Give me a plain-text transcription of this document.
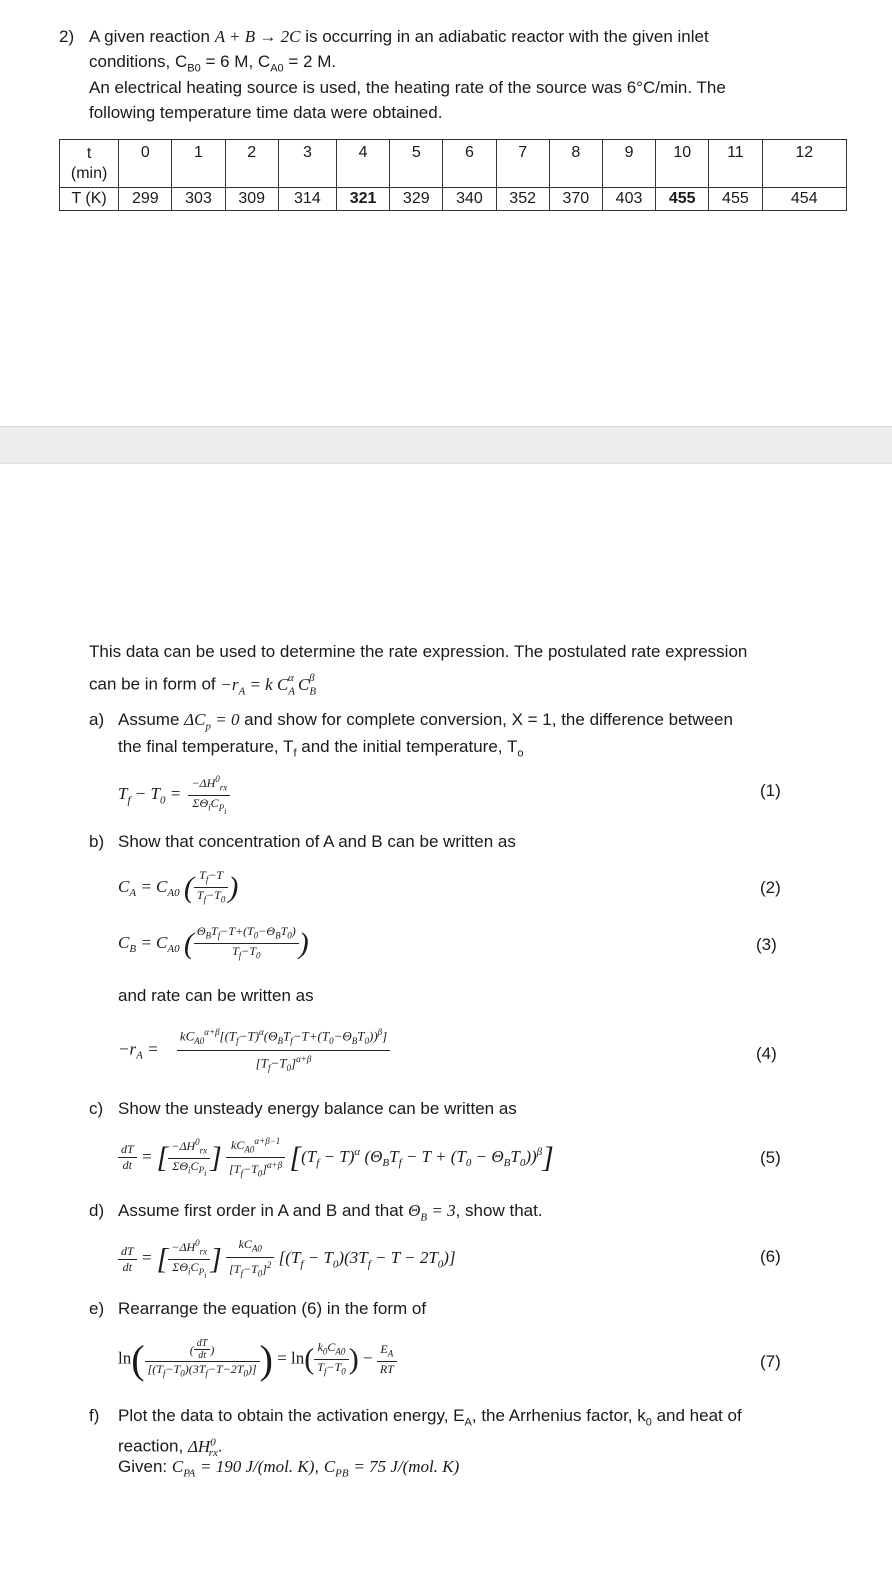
2) A given reaction A + B → 2C is occurring in an adiabatic reactor with the given inlet
conditions, $C_{B0} = 6$ M, $C_{A0} = 2$ M.
An electrical heating source is used, the heating rate of the source was 6°C/min. The
following temperature time data were obtained.
t
(min)	0	1	2	3	4	5	6	7	8	9	10	11	12
T (K)	299	303	309	314	321	329	340	352	370	403	455	455	454
This data can be used to determine the rate expression. The postulated rate expression
can be in form of $-r_A = k$ $C_A^\alpha$ $C_B^\beta$
a) Assume $\Delta C_p = 0$ and show for complete conversion, X = 1, the difference between
the final temperature, $T_f$ and the initial temperature, $T_o$
$T_f - T_0 = \frac{-\Delta H^0_{rx}}{\Sigma\Theta_iC_{P_i}}$	(1)
b) Show that concentration of A and B can be written as
$C_A = C_{A0}$ ( $\frac{T_f-T}{T_f-T_0}$ )	(2)
$C_B = C_{A0}$ ( $\frac{\Theta_BT_f-T+(T_0-\Theta_BT_0)}{T_f-T_0}$ )	(3)
and rate can be written as
$-r_A = \frac{kC_{A0}^{\alpha+\beta}[(T_f-T)^\alpha(\Theta_BT_f-T+(T_0-\Theta_BT_0))^\beta]}{[T_f-T_0]^{\alpha+\beta}}$	(4)
c) Show the unsteady energy balance can be written as
$\frac{dT}{dt}$ = [ $\frac{-\Delta H^0_{rx}}{\Sigma\Theta_iC_{P_i}}$ ] $\frac{kC_{A0}^{\alpha+\beta-1}}{[T_f-T_0]^{\alpha+\beta}} [(T_f - T)^\alpha$ $(\Theta_BT_f - T + (T_0 - \Theta_BT_0))^\beta$]	(5)
d) Assume first order in A and B and that $\Theta_B = 3$, show that.
$\frac{dT}{dt}$ = [ $\frac{-\Delta H^0_{rx}}{\Sigma\Theta_iC_{P_i}}$ ] $\frac{kC_{A0}}{[T_f-T_0]^2} [(T_f - T_0)(3T_f - T - 2T_0)]$	(6)
e) Rearrange the equation (6) in the form of
$\ln( \frac{( \frac{dT}{dt} )}{[(T_f-T_0)(3T_f-T-2T_0)]}$ ) = $\ln( \frac{k_0C_{A0}}{T_f-T_0}$ ) − $\frac{E_A}{RT}$	(7)
f) Plot the data to obtain the activation energy, $E_A$, the Arrhenius factor, $k_0$ and heat of
reaction, $\Delta H^0_{rx}$.
Given: $C_{PA} = 190$ J/(mol. K), $C_{PB} = 75$ J/(mol. K)
